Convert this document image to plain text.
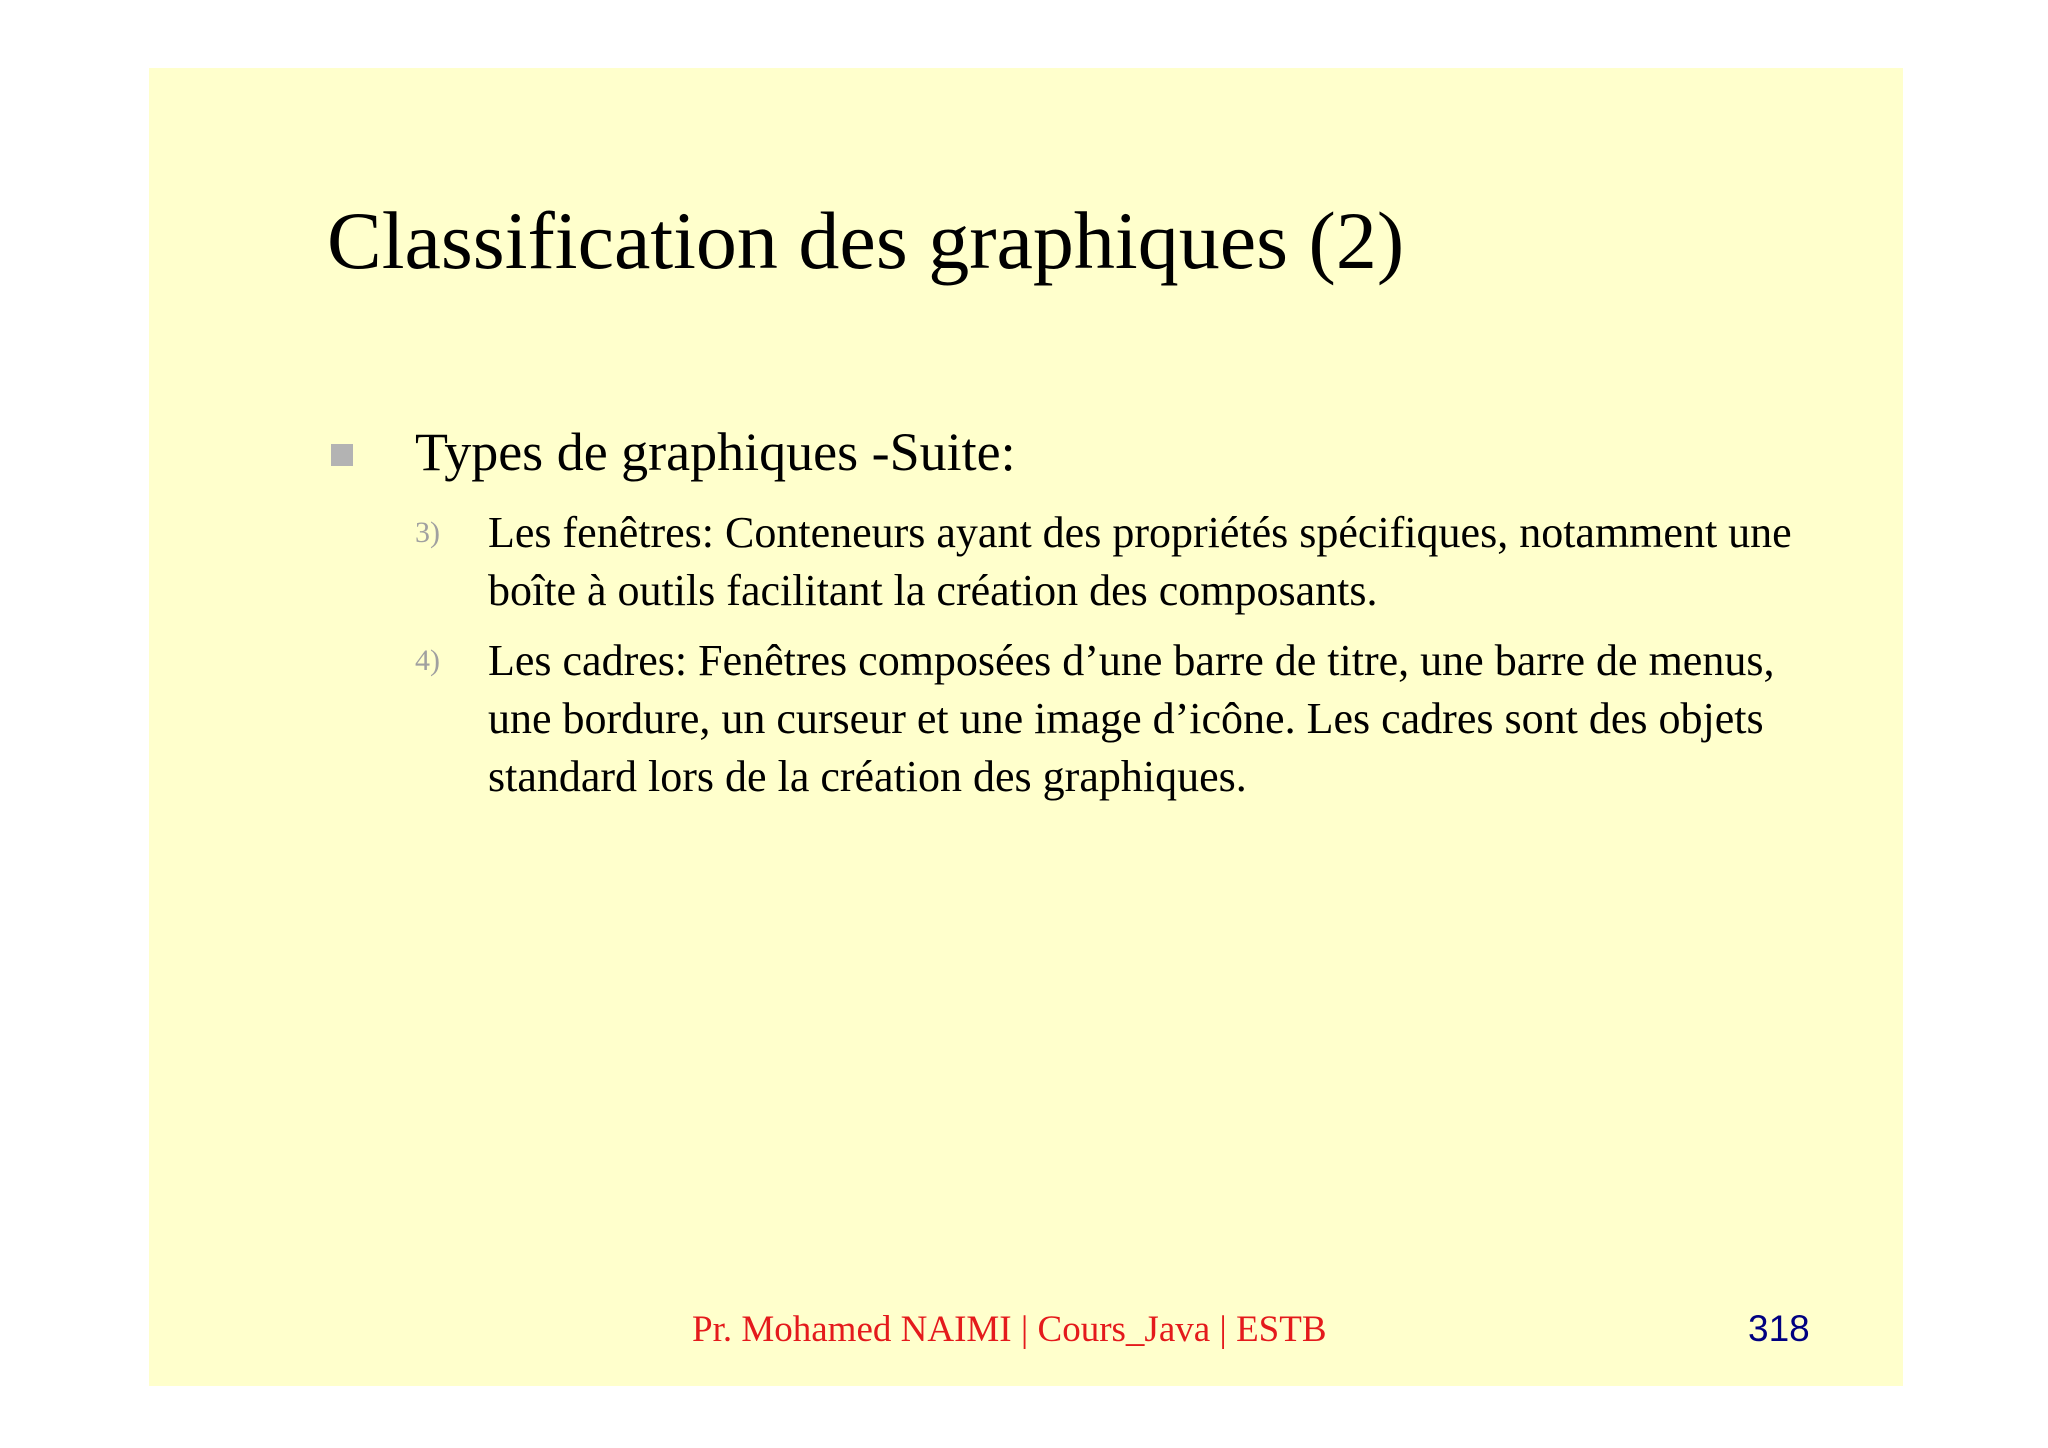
Classification des graphiques (2)
Types de graphiques -Suite:
3) Les fenêtres: Conteneurs ayant des propriétés spécifiques, notamment une boîte à outils facilitant la création des composants.
4) Les cadres: Fenêtres composées d’une barre de titre, une barre de menus, une bordure, un curseur et une image d’icône. Les cadres sont des objets standard lors de la création des graphiques.
Pr. Mohamed NAIMI | Cours_Java | ESTB	318
